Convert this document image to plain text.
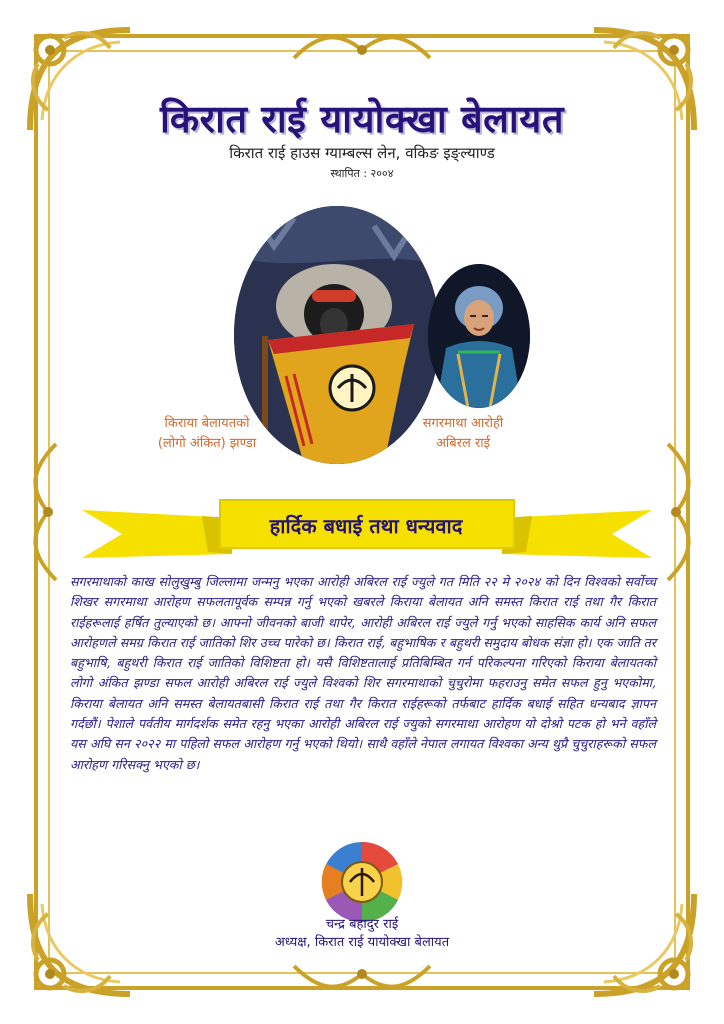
किरात राई यायोक्खा बेलायत
किरात राई हाउस ग्याम्बल्स लेन, वकिङ इङ्ल्याण्ड
स्थापित : २००४
किराया बेलायतको
(लोगो अंकित) झण्डा
सगरमाथा आरोही
अबिरल राई
हार्दिक बधाई तथा धन्यवाद
सगरमाथाको काख सोलुखुम्बु जिल्लामा जन्मनु भएका आरोही अबिरल राई ज्युले गत मिति २२ मे २०२४ को दिन विश्वको सर्वोच्च शिखर सगरमाथा आरोहण सफलतापूर्वक सम्पन्न गर्नु भएको खबरले किराया बेलायत अनि समस्त किरात राई तथा गैर किरात राईहरूलाई हर्षित तुल्याएको छ। आफ्नो जीवनको बाजी थापेर, आरोही अबिरल राई ज्युले गर्नु भएको साहसिक कार्य अनि सफल आरोहणले समग्र किरात राई जातिको शिर उच्च पारेको छ। किरात राई, बहुभाषिक र बहुथरी समुदाय बोधक संज्ञा हो। एक जाति तर बहुभाषि, बहुथरी किरात राई जातिको विशिष्टता हो। यसै विशिष्टतालाई प्रतिबिम्बित गर्न परिकल्पना गरिएको किराया बेलायतको लोगो अंकित झण्डा सफल आरोही अबिरल राई ज्युले विश्वको शिर सगरमाथाको चुचुरोमा फहराउनु समेत सफल हुनु भएकोमा, किराया बेलायत अनि समस्त बेलायतबासी किरात राई तथा गैर किरात राईहरूको तर्फबाट हार्दिक बधाई सहित धन्यबाद ज्ञापन गर्दछौं। पेशाले पर्वतीय मार्गदर्शक समेत रहनु भएका आरोही अबिरल राई ज्युको सगरमाथा आरोहण यो दोश्रो पटक हो भने वहाँले यस अघि सन २०२२ मा पहिलो सफल आरोहण गर्नु भएको थियो। साथै वहाँले नेपाल लगायत विश्वका अन्य थुप्रै चुचुराहरूको सफल आरोहण गरिसक्नु भएको छ।
चन्द्र बहादुर राई
अध्यक्ष, किरात राई यायोक्खा बेलायत
